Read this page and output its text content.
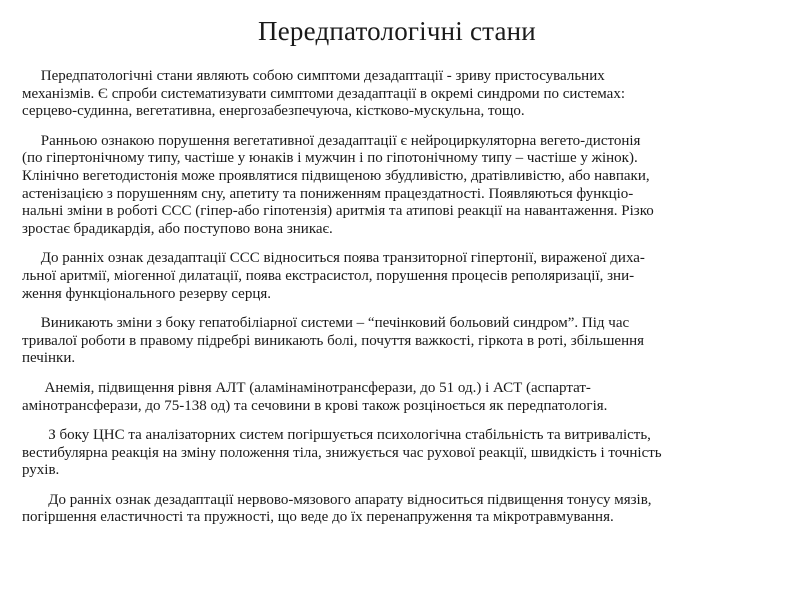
Передпатологічні стани

Передпатологічні стани являють собою симптоми дезадаптації - зриву пристосувальних
механізмів. Є спроби систематизувати симптоми дезадаптації в окремі синдроми по системах:
серцево-судинна, вегетативна, енергозабезпечуюча, кістково-мускульна, тощо.

Ранньою ознакою порушення вегетативної дезадаптації є нейроциркуляторна вегето-дистонія
(по гіпертонічному типу, частіше у юнаків і мужчин і по гіпотонічному типу – частіше у жінок).
Клінічно вегетодистонія може проявлятися підвищеною збудливістю, дратівливістю, або навпаки,
астенізацією з порушенням сну, апетиту та пониженням працездатності. Появляються функціо-
нальні зміни в роботі ССС (гіпер-або гіпотензія) аритмія та атипові реакції на навантаження. Різко
зростає брадикардія, або поступово вона зникає.

До ранніх ознак дезадаптації ССС відноситься поява транзиторної гіпертонії, вираженої диха-
льної аритмії, міогенної дилатації, поява екстрасистол, порушення процесів реполяризації, зни-
ження функціонального резерву серця.

Виникають зміни з боку гепатобіліарної системи – “печінковий больовий синдром”. Під час
тривалої роботи в правому підребрі виникають болі, почуття важкості, гіркота в роті, збільшення
печінки.

Анемія, підвищення рівня АЛТ (аламінамінотрансферази, до 51 од.) і АСТ (аспартат-
амінотрансферази, до 75-138 од) та сечовини в крові також розціноється як передпатологія.

З боку ЦНС та аналізаторних систем погіршується психологічна стабільність та витривалість,
вестибулярна реакція на зміну положення тіла, знижується час рухової реакції, швидкість і точність
рухів.

До ранніх ознак дезадаптації нервово-мязового апарату відноситься підвищення тонусу мязів,
погіршення еластичності та пружності, що веде до їх перенапруження та мікротравмування.
